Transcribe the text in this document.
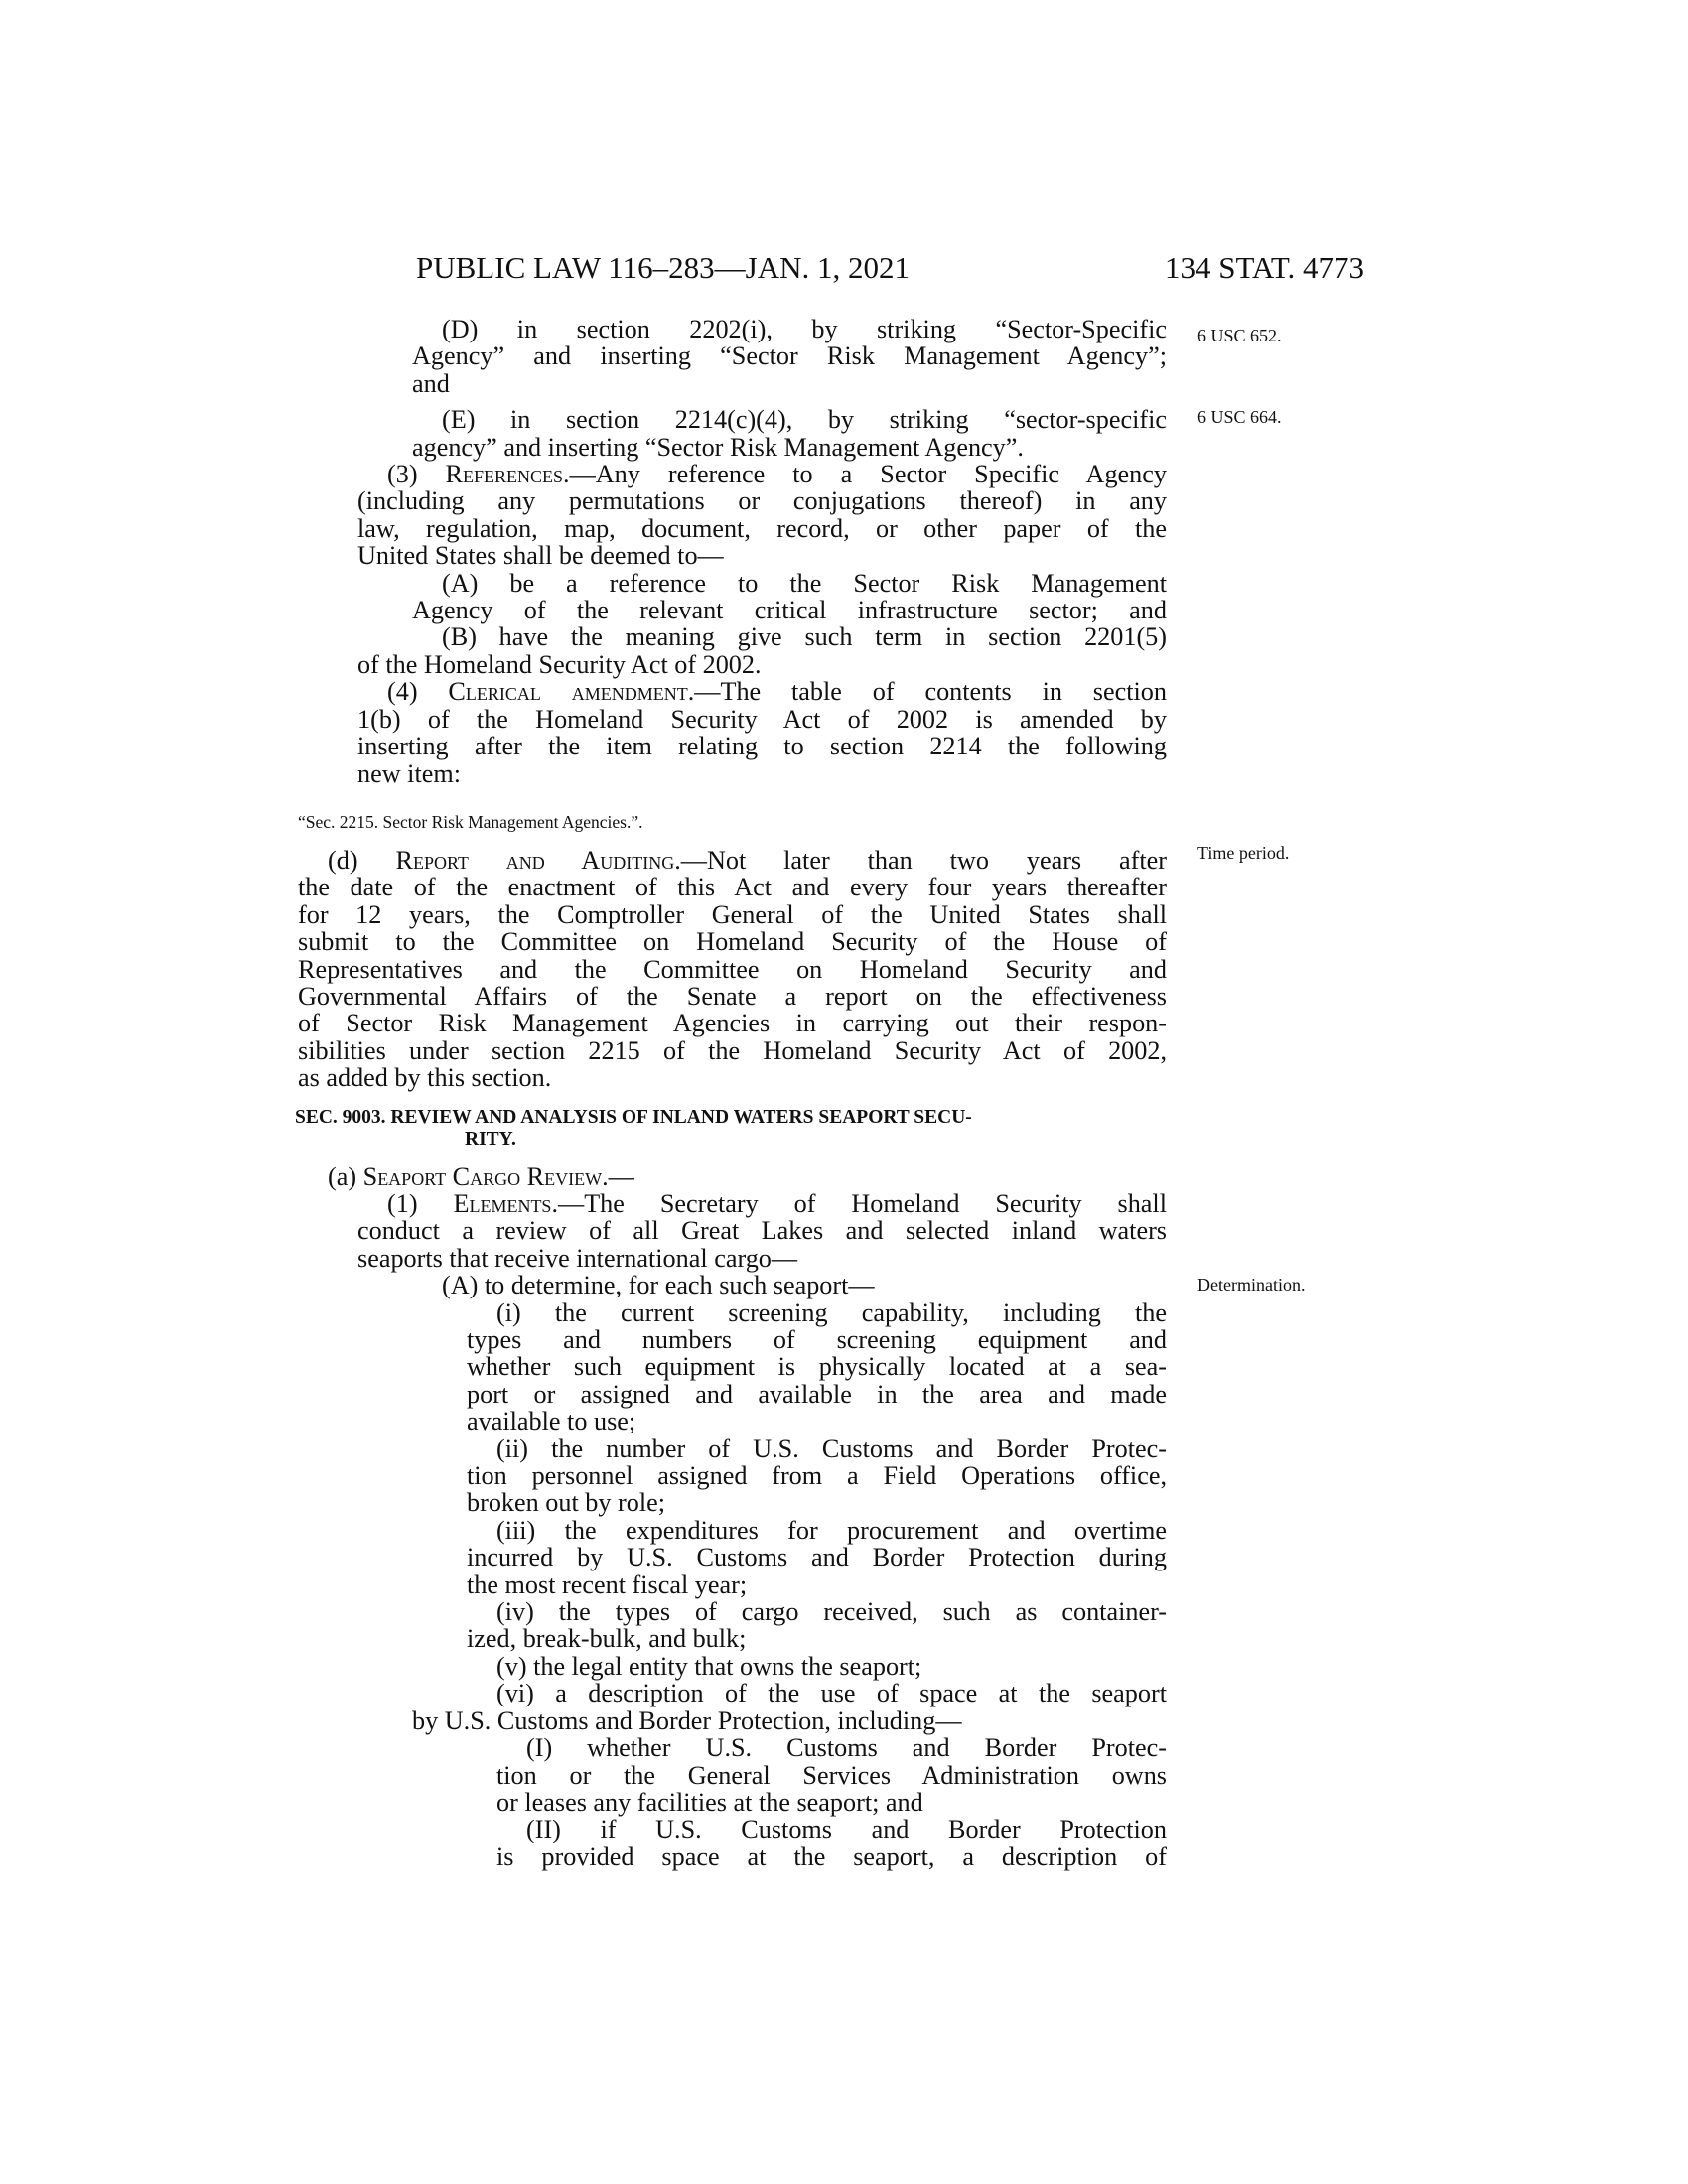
PUBLIC LAW 116–283—JAN. 1, 2021	134 STAT. 4773
6 USC 652.
6 USC 664.
Time period.
Determination.

(D) in section 2202(i), by striking “Sector-Specific

Agency” and inserting “Sector Risk Management Agency”;

and

(E) in section 2214(c)(4), by striking “sector-specific

agency” and inserting “Sector Risk Management Agency”.

(3) References.—Any reference to a Sector Specific Agency

(including any permutations or conjugations thereof) in any

law, regulation, map, document, record, or other paper of the

United States shall be deemed to—

(A) be a reference to the Sector Risk Management

Agency of the relevant critical infrastructure sector; and

(B) have the meaning give such term in section 2201(5)

of the Homeland Security Act of 2002.

(4) Clerical amendment.—The table of contents in section

1(b) of the Homeland Security Act of 2002 is amended by

inserting after the item relating to section 2214 the following

new item:

“Sec. 2215. Sector Risk Management Agencies.”.

(d) Report and Auditing.—Not later than two years after

the date of the enactment of this Act and every four years thereafter

for 12 years, the Comptroller General of the United States shall

submit to the Committee on Homeland Security of the House of

Representatives and the Committee on Homeland Security and

Governmental Affairs of the Senate a report on the effectiveness

of Sector Risk Management Agencies in carrying out their respon-

sibilities under section 2215 of the Homeland Security Act of 2002,

as added by this section.

SEC. 9003. REVIEW AND ANALYSIS OF INLAND WATERS SEAPORT SECU-

RITY.

(a) Seaport Cargo Review.—

(1) Elements.—The Secretary of Homeland Security shall

conduct a review of all Great Lakes and selected inland waters

seaports that receive international cargo—

(A) to determine, for each such seaport—

(i) the current screening capability, including the

types and numbers of screening equipment and

whether such equipment is physically located at a sea-

port or assigned and available in the area and made

available to use;

(ii) the number of U.S. Customs and Border Protec-

tion personnel assigned from a Field Operations office,

broken out by role;

(iii) the expenditures for procurement and overtime

incurred by U.S. Customs and Border Protection during

the most recent fiscal year;

(iv) the types of cargo received, such as container-

ized, break-bulk, and bulk;

(v) the legal entity that owns the seaport;

(vi) a description of the use of space at the seaport

by U.S. Customs and Border Protection, including—

(I) whether U.S. Customs and Border Protec-

tion or the General Services Administration owns

or leases any facilities at the seaport; and

(II) if U.S. Customs and Border Protection

is provided space at the seaport, a description of
